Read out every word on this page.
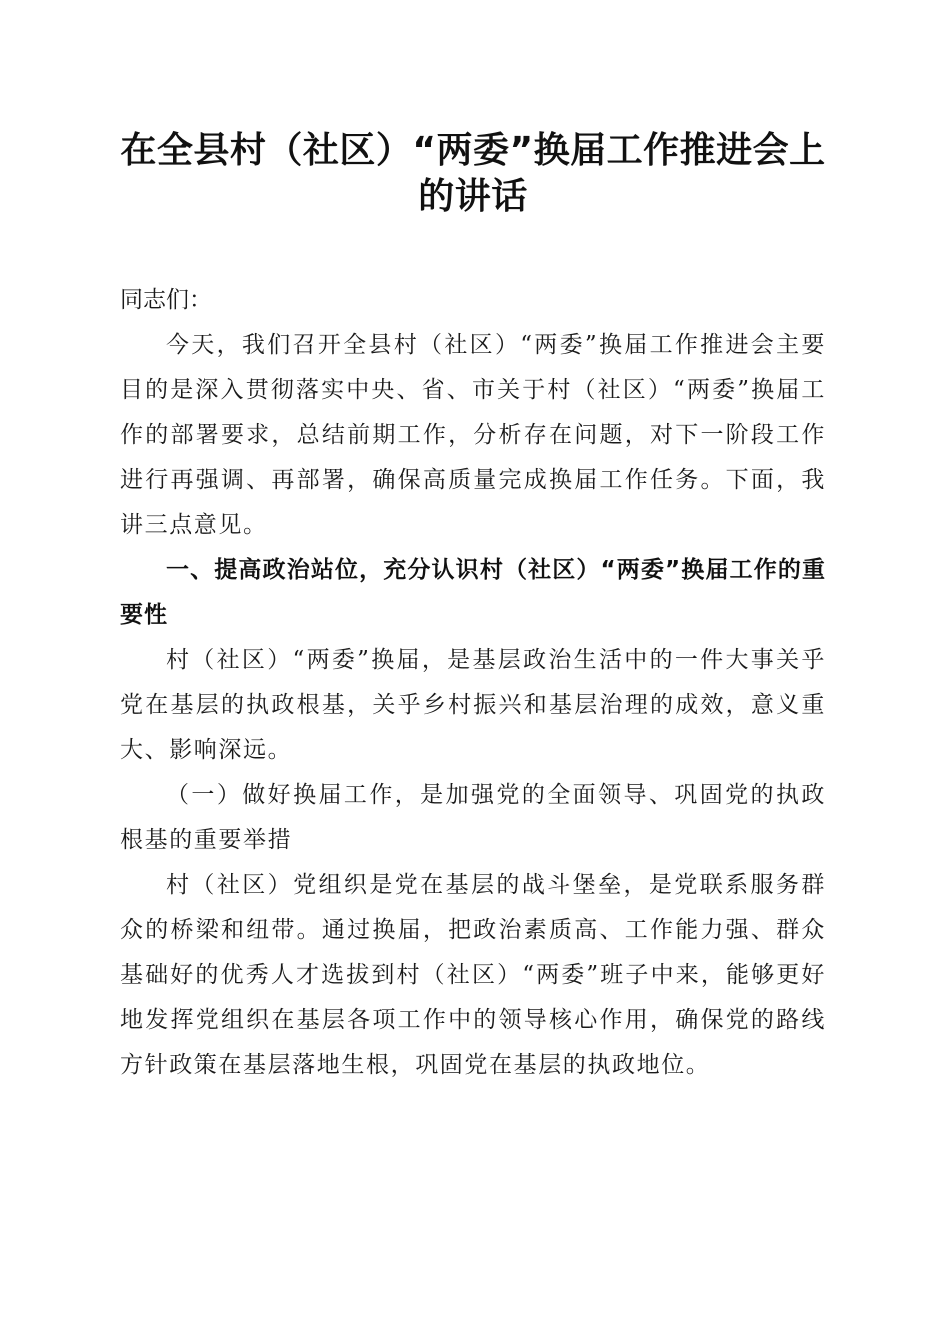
在全县村（社区）“两委”换届工作推进会上
的讲话

同志们：

今天，我们召开全县村（社区）“两委”换届工作推进会主要目的是深入贯彻落实中央、省、市关于村（社区）“两委”换届工作的部署要求，总结前期工作，分析存在问题，对下一阶段工作进行再强调、再部署，确保高质量完成换届工作任务。下面，我讲三点意见。

一、提高政治站位，充分认识村（社区）“两委”换届工作的重要性

村（社区）“两委”换届，是基层政治生活中的一件大事关乎党在基层的执政根基，关乎乡村振兴和基层治理的成效，意义重大、影响深远。

（一）做好换届工作，是加强党的全面领导、巩固党的执政根基的重要举措

村（社区）党组织是党在基层的战斗堡垒，是党联系服务群众的桥梁和纽带。通过换届，把政治素质高、工作能力强、群众基础好的优秀人才选拔到村（社区）“两委”班子中来，能够更好地发挥党组织在基层各项工作中的领导核心作用，确保党的路线方针政策在基层落地生根，巩固党在基层的执政地位。
